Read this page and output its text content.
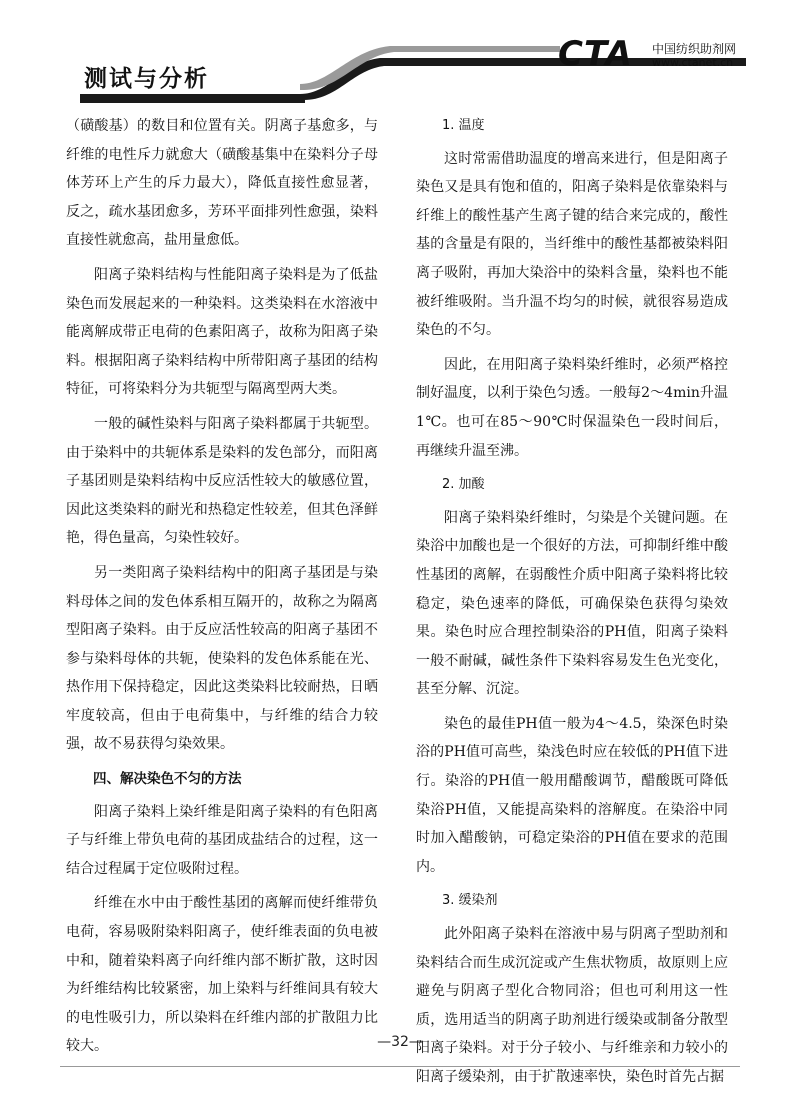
测试与分析
CTA 中国纺织助剂网
www.ctanet.cn

（磺酸基）的数目和位置有关。阴离子基愈多，与纤维的电性斥力就愈大（磺酸基集中在染料分子母体芳环上产生的斥力最大），降低直接性愈显著，反之，疏水基团愈多，芳环平面排列性愈强，染料直接性就愈高，盐用量愈低。

阳离子染料结构与性能阳离子染料是为了低盐染色而发展起来的一种染料。这类染料在水溶液中能离解成带正电荷的色素阳离子，故称为阳离子染料。根据阳离子染料结构中所带阳离子基团的结构特征，可将染料分为共轭型与隔离型两大类。

一般的碱性染料与阳离子染料都属于共轭型。由于染料中的共轭体系是染料的发色部分，而阳离子基团则是染料结构中反应活性较大的敏感位置，因此这类染料的耐光和热稳定性较差，但其色泽鲜艳，得色量高，匀染性较好。

另一类阳离子染料结构中的阳离子基团是与染料母体之间的发色体系相互隔开的，故称之为隔离型阳离子染料。由于反应活性较高的阳离子基团不参与染料母体的共轭，使染料的发色体系能在光、热作用下保持稳定，因此这类染料比较耐热，日晒牢度较高，但由于电荷集中，与纤维的结合力较强，故不易获得匀染效果。

四、解决染色不匀的方法

阳离子染料上染纤维是阳离子染料的有色阳离子与纤维上带负电荷的基团成盐结合的过程，这一结合过程属于定位吸附过程。

纤维在水中由于酸性基团的离解而使纤维带负电荷，容易吸附染料阳离子，使纤维表面的负电被中和，随着染料离子向纤维内部不断扩散，这时因为纤维结构比较紧密，加上染料与纤维间具有较大的电性吸引力，所以染料在纤维内部的扩散阻力比较大。

1. 温度

这时常需借助温度的增高来进行，但是阳离子染色又是具有饱和值的，阳离子染料是依靠染料与纤维上的酸性基产生离子键的结合来完成的，酸性基的含量是有限的，当纤维中的酸性基都被染料阳离子吸附，再加大染浴中的染料含量，染料也不能被纤维吸附。当升温不均匀的时候，就很容易造成染色的不匀。

因此，在用阳离子染料染纤维时，必须严格控制好温度，以利于染色匀透。一般每2～4min升温1℃。也可在85～90℃时保温染色一段时间后，再继续升温至沸。

2. 加酸

阳离子染料染纤维时，匀染是个关键问题。在染浴中加酸也是一个很好的方法，可抑制纤维中酸性基团的离解，在弱酸性介质中阳离子染料将比较稳定，染色速率的降低，可确保染色获得匀染效果。染色时应合理控制染浴的PH值，阳离子染料一般不耐碱，碱性条件下染料容易发生色光变化，甚至分解、沉淀。

染色的最佳PH值一般为4～4.5，染深色时染浴的PH值可高些，染浅色时应在较低的PH值下进行。染浴的PH值一般用醋酸调节，醋酸既可降低染浴PH值，又能提高染料的溶解度。在染浴中同时加入醋酸钠，可稳定染浴的PH值在要求的范围内。

3. 缓染剂

此外阳离子染料在溶液中易与阴离子型助剂和染料结合而生成沉淀或产生焦状物质，故原则上应避免与阴离子型化合物同浴；但也可利用这一性质，选用适当的阴离子助剂进行缓染或制备分散型阳离子染料。对于分子较小、与纤维亲和力较小的阳离子缓染剂，由于扩散速率快，染色时首先占据

—32—
